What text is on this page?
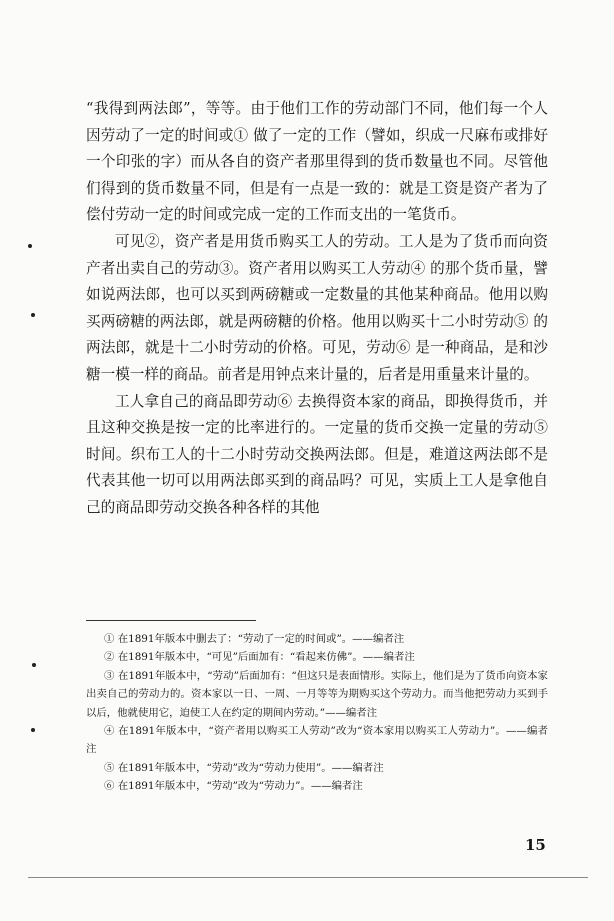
“我得到两法郎”，等等。由于他们工作的劳动部门不同，他们每一个人因劳动了一定的时间或① 做了一定的工作（譬如，织成一尺麻布或排好一个印张的字）而从各自的资产者那里得到的货币数量也不同。尽管他们得到的货币数量不同，但是有一点是一致的：就是工资是资产者为了偿付劳动一定的时间或完成一定的工作而支出的一笔货币。

可见②，资产者是用货币购买工人的劳动。工人是为了货币而向资产者出卖自己的劳动③。资产者用以购买工人劳动④ 的那个货币量，譬如说两法郎，也可以买到两磅糖或一定数量的其他某种商品。他用以购买两磅糖的两法郎，就是两磅糖的价格。他用以购买十二小时劳动⑤ 的两法郎，就是十二小时劳动的价格。可见，劳动⑥ 是一种商品，是和沙糖一模一样的商品。前者是用钟点来计量的，后者是用重量来计量的。

工人拿自己的商品即劳动⑥ 去换得资本家的商品，即换得货币，并且这种交换是按一定的比率进行的。一定量的货币交换一定量的劳动⑤ 时间。织布工人的十二小时劳动交换两法郎。但是，难道这两法郎不是代表其他一切可以用两法郎买到的商品吗？可见，实质上工人是拿他自己的商品即劳动交换各种各样的其他

① 在1891年版本中删去了：“劳动了一定的时间或”。——编者注
② 在1891年版本中，“可见”后面加有：“看起来仿佛”。——编者注
③ 在1891年版本中，“劳动”后面加有：“但这只是表面情形。实际上，他们是为了货币向资本家出卖自己的劳动力的。资本家以一日、一周、一月等等为期购买这个劳动力。而当他把劳动力买到手以后，他就使用它，迫使工人在约定的期间内劳动。”——编者注
④ 在1891年版本中，“资产者用以购买工人劳动”改为“资本家用以购买工人劳动力”。——编者注
⑤ 在1891年版本中，“劳动”改为“劳动力使用”。——编者注
⑥ 在1891年版本中，“劳动”改为“劳动力”。——编者注
15
